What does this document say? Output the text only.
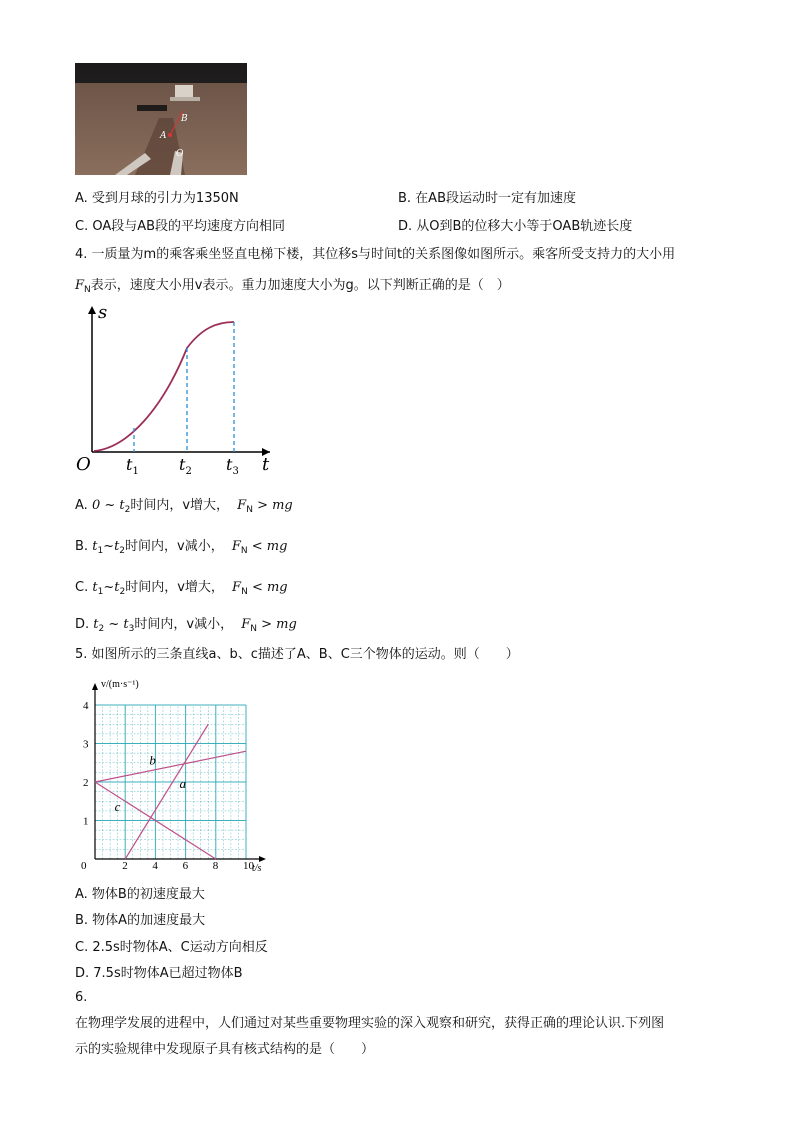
A
B
O
A. 受到月球的引力为1350N	B. 在AB段运动时一定有加速度
C. OA段与AB段的平均速度方向相同	D. 从O到B的位移大小等于OAB轨迹长度
4. 一质量为m的乘客乘坐竖直电梯下楼，其位移s与时间t的关系图像如图所示。乘客所受支持力的大小用
$F_N$表示，速度大小用v表示。重力加速度大小为g。以下判断正确的是（　）
s
t
O $t_1$	$t_2$ $t_3$
A. 0 ~ $t_2$时间内，v增大， $F_N$ > mg
B. $t_1\sim t_2$时间内，v减小， $F_N$ < mg
C. $t_1\sim t_2$时间内，v增大， $F_N$ < mg
D. $t_2$ ~ $t_3$时间内，v减小， $F_N$ > mg
5. 如图所示的三条直线a、b、c描述了A、B、C三个物体的运动。则（　　）
0	2 4 6 8 10
1
2
3
4
t/s
v/(m·s⁻¹)
b
a
c
A. 物体B的初速度最大
B. 物体A的加速度最大
C. 2.5s时物体A、C运动方向相反
D. 7.5s时物体A已超过物体B
6.
在物理学发展的进程中，人们通过对某些重要物理实验的深入观察和研究，获得正确的理论认识.下列图
示的实验规律中发现原子具有核式结构的是（　　）
